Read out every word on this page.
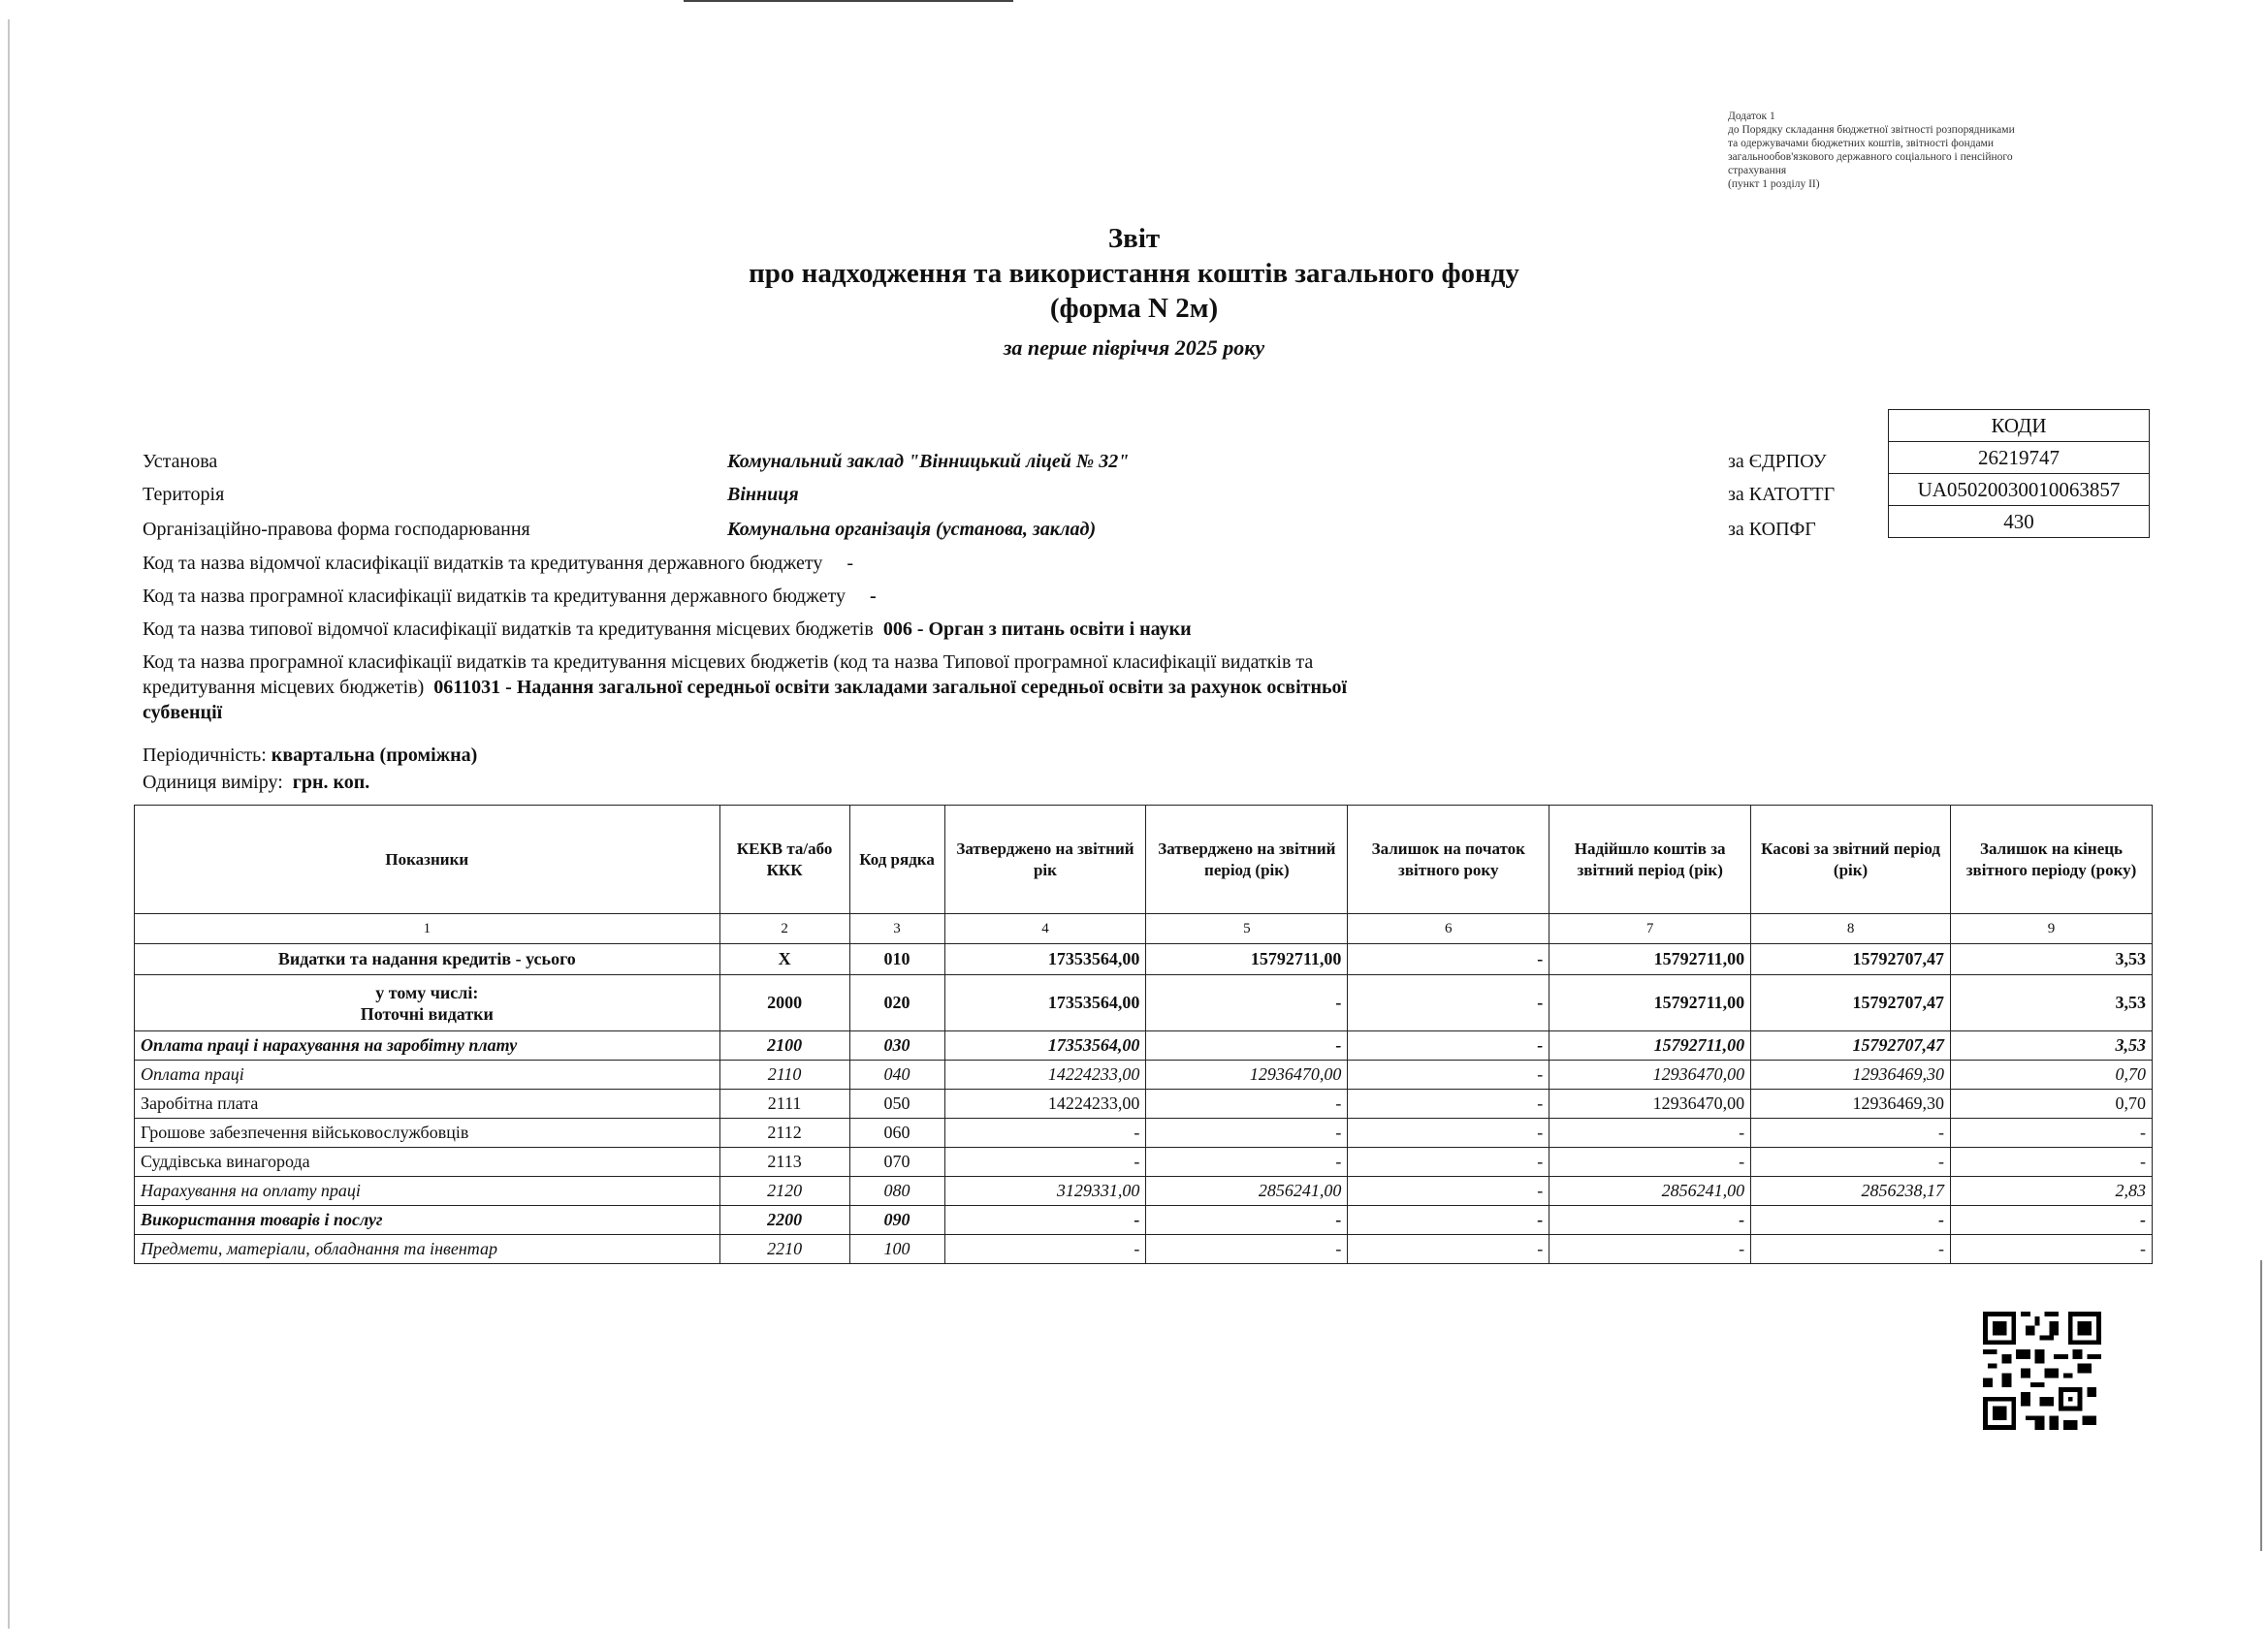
Додаток 1
до Порядку складання бюджетної звітності розпорядниками
та одержувачами бюджетних коштів, звітності фондами
загальнообов'язкового державного соціального і пенсійного
страхування
(пункт 1 розділу II)
Звіт
про надходження та використання коштів загального фонду
(форма N 2м)
за перше півріччя 2025 року
Установа	Комунальний заклад "Вінницький ліцей № 32"
Територія	Вінниця
Організаційно-правова форма господарювання	Комунальна організація (установа, заклад)
за ЄДРПОУ
за КАТОТТГ
за КОПФГ
КОДИ
26219747
UA05020030010063857
430
Код та назва відомчої класифікації видатків та кредитування державного бюджету -
Код та назва програмної класифікації видатків та кредитування державного бюджету -
Код та назва типової відомчої класифікації видатків та кредитування місцевих бюджетів 006 - Орган з питань освіти і науки
Код та назва програмної класифікації видатків та кредитування місцевих бюджетів (код та назва Типової програмної класифікації видатків та
кредитування місцевих бюджетів) 0611031 - Надання загальної середньої освіти закладами загальної середньої освіти за рахунок освітньої
субвенції
Періодичність: квартальна (проміжна)
Одиниця виміру: грн. коп.
Показники	КЕКВ та/або ККК	Код рядка	Затверджено на звітний рік	Затверджено на звітний період (рік)	Залишок на початок звітного року	Надійшло коштів за звітний період (рік)	Касові за звітний період (рік)	Залишок на кінець звітного періоду (року)
1	2	3	4	5	6	7	8	9
Видатки та надання кредитів - усього	X	010	17353564,00	15792711,00	-	15792711,00	15792707,47	3,53

у тому числі:
Поточні видатки	2000	020	17353564,00	-	-	15792711,00	15792707,47	3,53
Оплата праці і нарахування на заробітну плату	2100	030	17353564,00	-	-	15792711,00	15792707,47	3,53
Оплата праці	2110	040	14224233,00	12936470,00	-	12936470,00	12936469,30	0,70
Заробітна плата	2111	050	14224233,00	-	-	12936470,00	12936469,30	0,70
Грошове забезпечення військовослужбовців	2112	060	-	-	-	-	-	-
Суддівська винагорода	2113	070	-	-	-	-	-	-
Нарахування на оплату праці	2120	080	3129331,00	2856241,00	-	2856241,00	2856238,17	2,83
Використання товарів і послуг	2200	090	-	-	-	-	-	-
Предмети, матеріали, обладнання та інвентар	2210	100	-	-	-	-	-	-
